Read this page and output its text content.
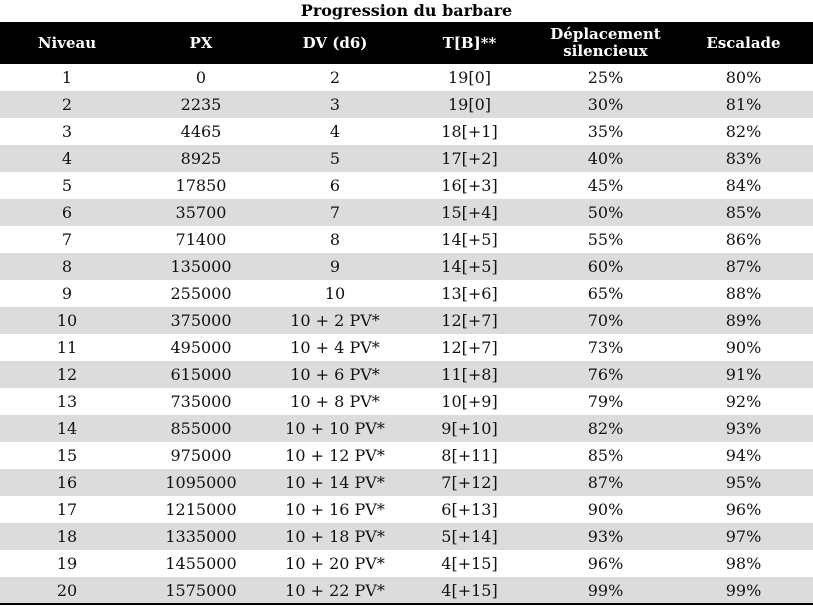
Progression du barbare
Niveau	PX	DV (d6)	T[B]**	Déplacement silencieux	Escalade
1	0	2	19[0]	25%	80%
2	2235	3	19[0]	30%	81%
3	4465	4	18[+1]	35%	82%
4	8925	5	17[+2]	40%	83%
5	17850	6	16[+3]	45%	84%
6	35700	7	15[+4]	50%	85%
7	71400	8	14[+5]	55%	86%
8	135000	9	14[+5]	60%	87%
9	255000	10	13[+6]	65%	88%
10	375000	10 + 2 PV*	12[+7]	70%	89%
11	495000	10 + 4 PV*	12[+7]	73%	90%
12	615000	10 + 6 PV*	11[+8]	76%	91%
13	735000	10 + 8 PV*	10[+9]	79%	92%
14	855000	10 + 10 PV*	9[+10]	82%	93%
15	975000	10 + 12 PV*	8[+11]	85%	94%
16	1095000	10 + 14 PV*	7[+12]	87%	95%
17	1215000	10 + 16 PV*	6[+13]	90%	96%
18	1335000	10 + 18 PV*	5[+14]	93%	97%
19	1455000	10 + 20 PV*	4[+15]	96%	98%
20	1575000	10 + 22 PV*	4[+15]	99%	99%
